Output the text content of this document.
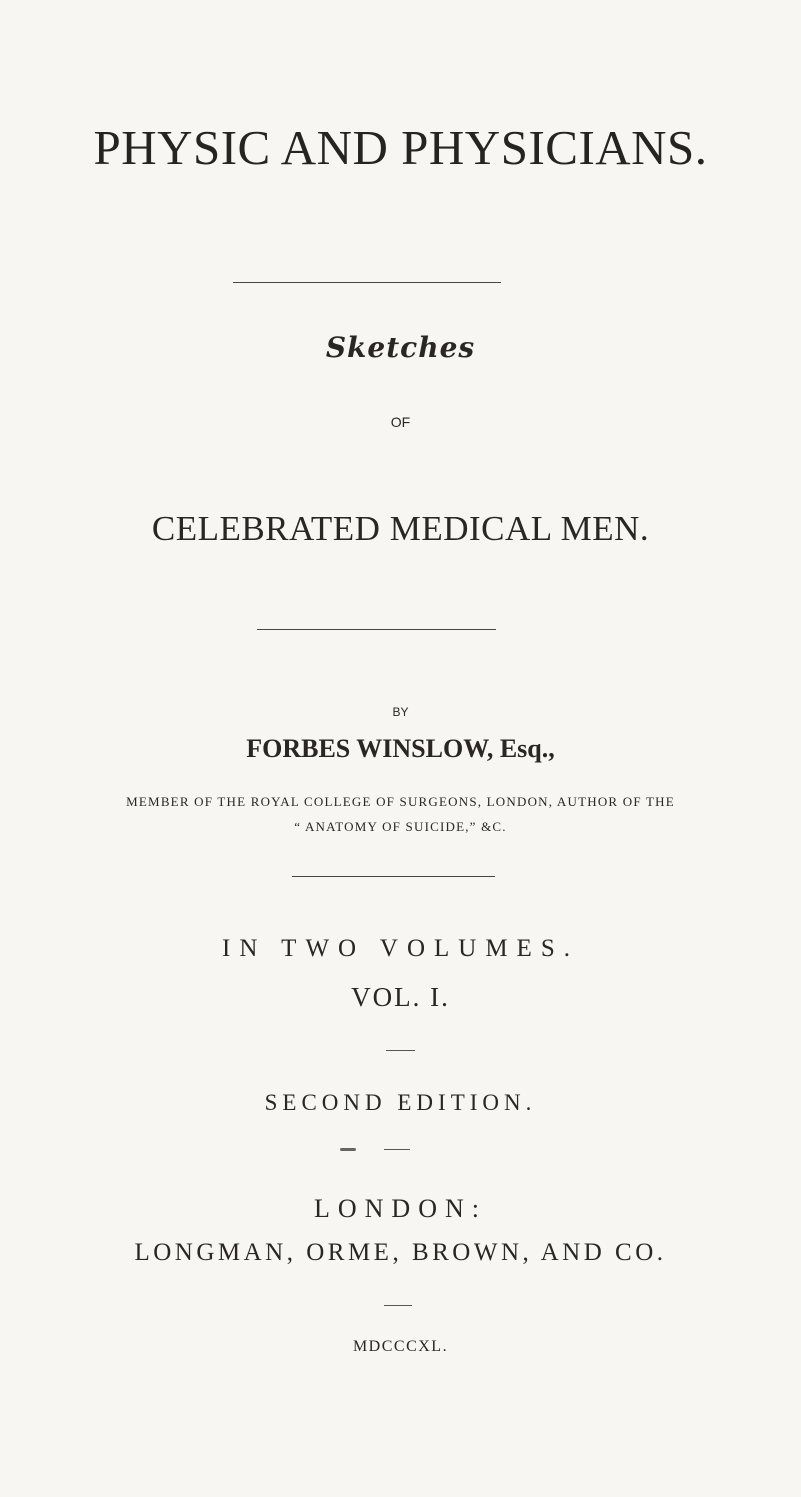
PHYSIC AND PHYSICIANS.
Sketches
OF
CELEBRATED MEDICAL MEN.
BY
FORBES WINSLOW, Esq.,
MEMBER OF THE ROYAL COLLEGE OF SURGEONS, LONDON, AUTHOR OF THE
“ ANATOMY OF SUICIDE,” &C.
IN TWO VOLUMES.
VOL. I.
SECOND EDITION.
LONDON:
LONGMAN, ORME, BROWN, AND CO.
MDCCCXL.
